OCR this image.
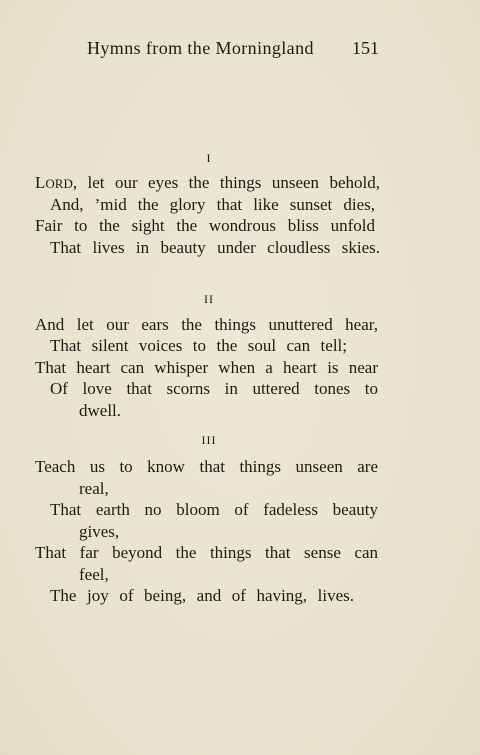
Hymns from the Morningland 151
I
LORD, let our eyes the things unseen behold,
And, ’mid the glory that like sunset dies,
Fair to the sight the wondrous bliss unfold
That lives in beauty under cloudless skies.
II
And let our ears the things unuttered hear,
That silent voices to the soul can tell;
That heart can whisper when a heart is near
Of love that scorns in uttered tones to
dwell.
III
Teach us to know that things unseen are
real,
That earth no bloom of fadeless beauty
gives,
That far beyond the things that sense can
feel,
The joy of being, and of having, lives.
